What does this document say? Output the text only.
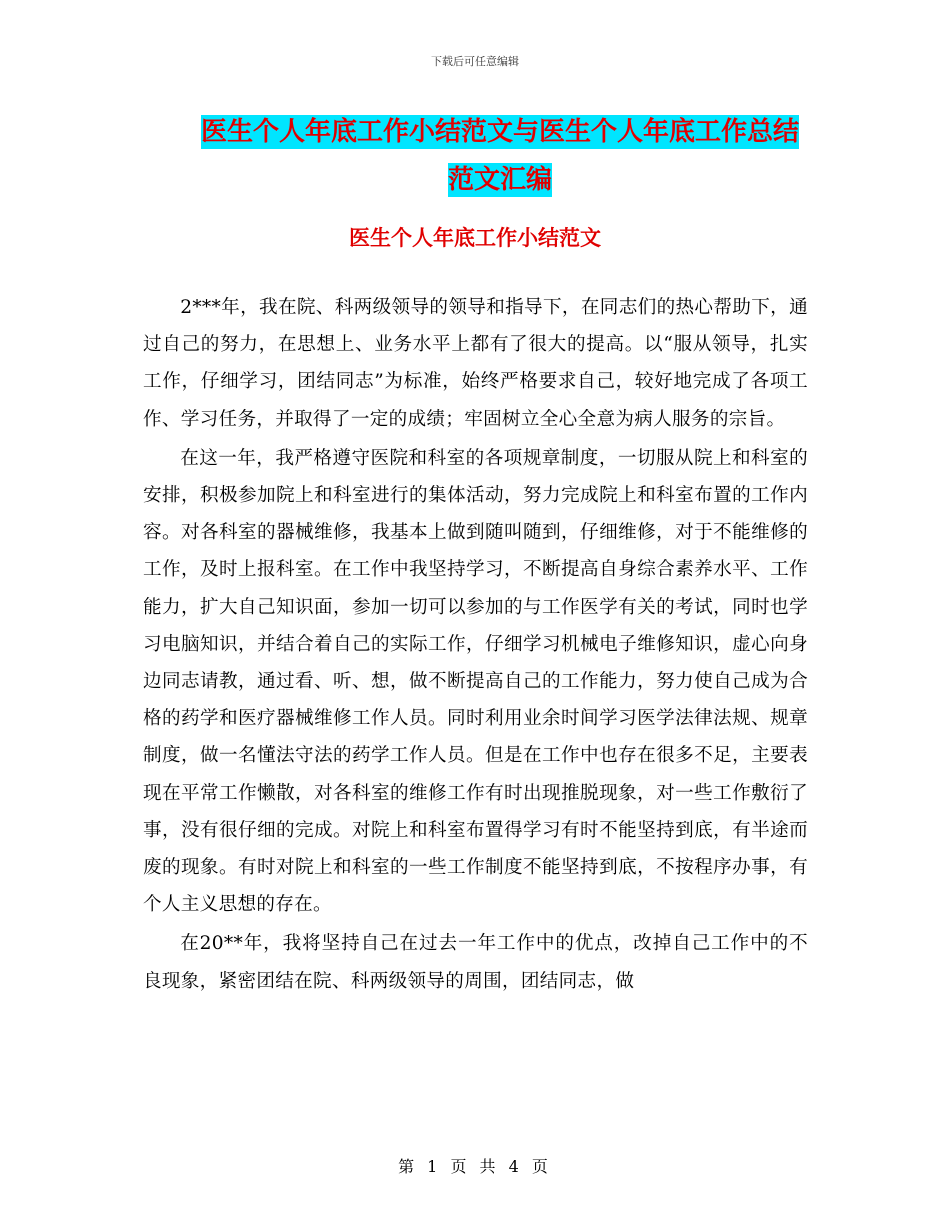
下载后可任意编辑
医生个人年底工作小结范文与医生个人年底工作总结
范文汇编
医生个人年底工作小结范文

2***年，我在院、科两级领导的领导和指导下，在同志们的热心帮助下，通过自己的努力，在思想上、业务水平上都有了很大的提高。以“服从领导，扎实工作，仔细学习，团结同志”为标准，始终严格要求自己，较好地完成了各项工作、学习任务，并取得了一定的成绩；牢固树立全心全意为病人服务的宗旨。

在这一年，我严格遵守医院和科室的各项规章制度，一切服从院上和科室的安排，积极参加院上和科室进行的集体活动，努力完成院上和科室布置的工作内容。对各科室的器械维修，我基本上做到随叫随到，仔细维修，对于不能维修的工作，及时上报科室。在工作中我坚持学习，不断提高自身综合素养水平、工作能力，扩大自己知识面，参加一切可以参加的与工作医学有关的考试，同时也学习电脑知识，并结合着自己的实际工作，仔细学习机械电子维修知识，虚心向身边同志请教，通过看、听、想，做不断提高自己的工作能力，努力使自己成为合格的药学和医疗器械维修工作人员。同时利用业余时间学习医学法律法规、规章制度，做一名懂法守法的药学工作人员。但是在工作中也存在很多不足，主要表现在平常工作懒散，对各科室的维修工作有时出现推脱现象，对一些工作敷衍了事，没有很仔细的完成。对院上和科室布置得学习有时不能坚持到底，有半途而废的现象。有时对院上和科室的一些工作制度不能坚持到底，不按程序办事，有个人主义思想的存在。

在20**年，我将坚持自己在过去一年工作中的优点，改掉自己工作中的不良现象，紧密团结在院、科两级领导的周围，团结同志，做

第 1 页 共 4 页
